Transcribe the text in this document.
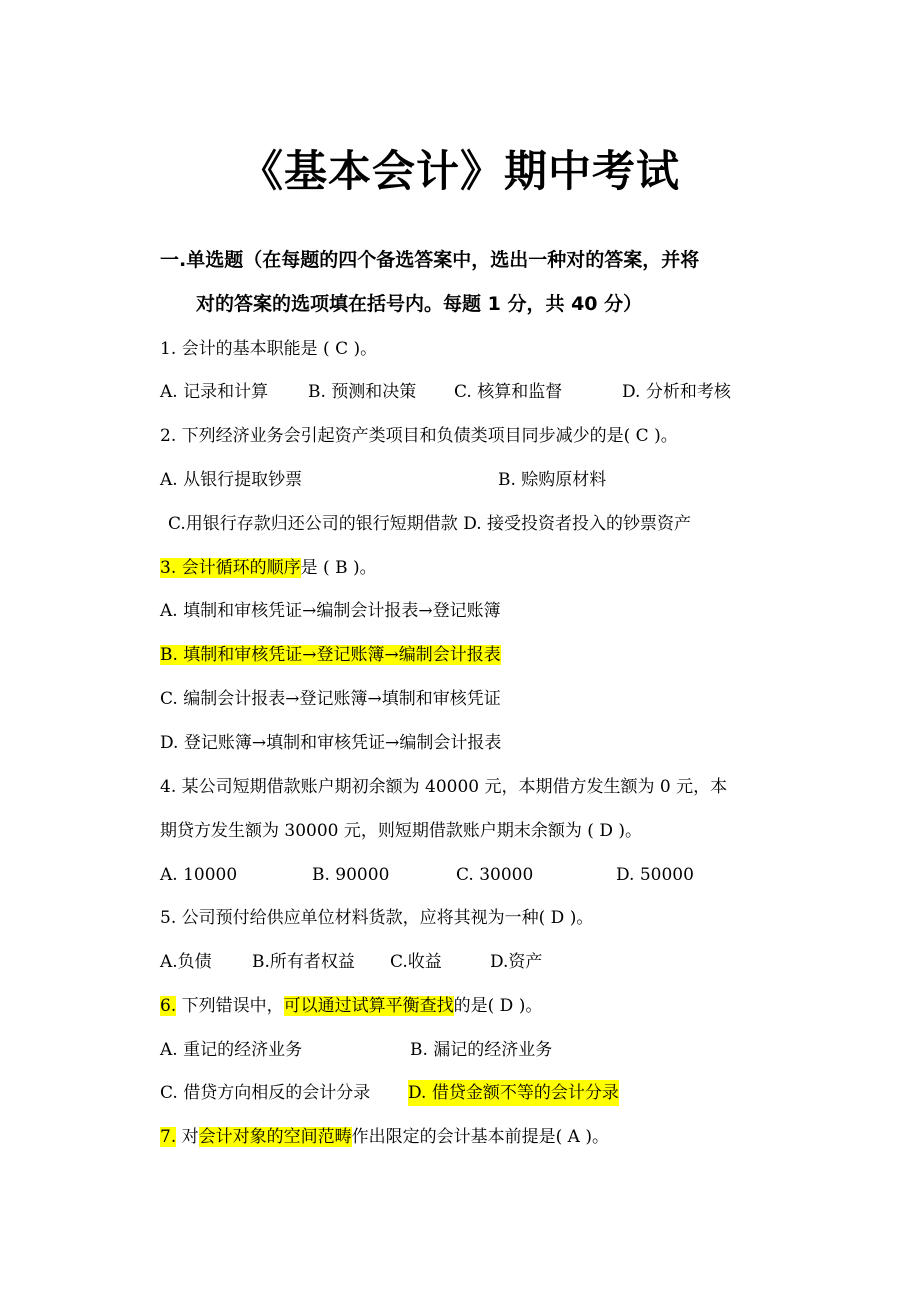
《基本会计》期中考试
一.单选题（在每题的四个备选答案中，选出一种对的答案，并将
对的答案的选项填在括号内。每题 1 分，共 40 分）
1. 会计的基本职能是 ( C )。
A. 记录和计算 B. 预测和决策 C. 核算和监督	D. 分析和考核
2. 下列经济业务会引起资产类项目和负债类项目同步减少的是( C )。
A. 从银行提取钞票	B. 赊购原材料
C.用银行存款归还公司的银行短期借款 D. 接受投资者投入的钞票资产
3. 会计循环的顺序是 ( B )。
A. 填制和审核凭证→编制会计报表→登记账簿
B. 填制和审核凭证→登记账簿→编制会计报表
C. 编制会计报表→登记账簿→填制和审核凭证
D. 登记账簿→填制和审核凭证→编制会计报表
4. 某公司短期借款账户期初余额为 40000 元，本期借方发生额为 0 元，本
期贷方发生额为 30000 元，则短期借款账户期末余额为 ( D )。
A. 10000	B. 90000	C. 30000	D. 50000
5. 公司预付给供应单位材料货款，应将其视为一种( D )。
A.负债 B.所有者权益 C.收益	D.资产
6. 下列错误中，可以通过试算平衡查找的是( D )。
A. 重记的经济业务	B. 漏记的经济业务
C. 借贷方向相反的会计分录 D. 借贷金额不等的会计分录
7. 对会计对象的空间范畴作出限定的会计基本前提是( A )。
